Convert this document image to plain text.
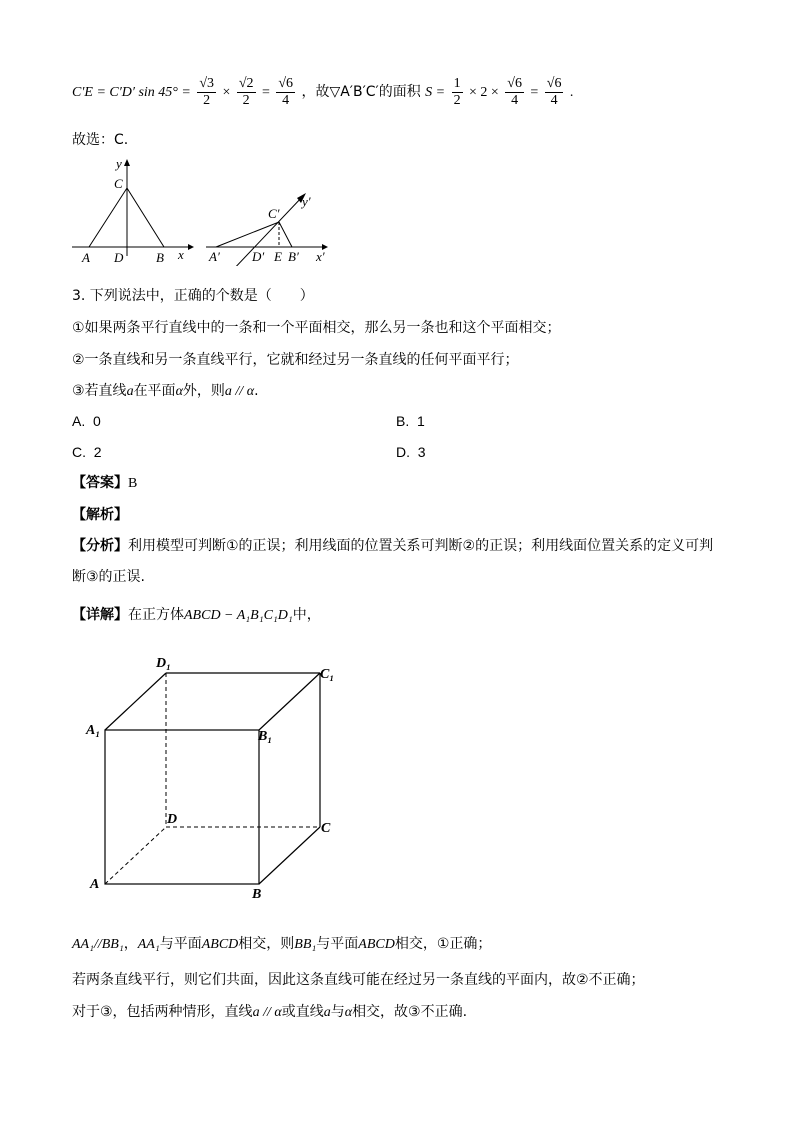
C′E = C′D′ $\sin 45^\circ = \frac{√3}{2} \times \frac{√2}{2} = \frac{√6}{4}$ ，故▽A′B′C′的面积 $S = \frac{1}{2} \times 2 \times \frac{√6}{4} = \frac{√6}{4}$ .
故选：C.
y
C
A D	B x
y′
C′
A′ D′ E B′ x′
3. 下列说法中，正确的个数是（　　）
①如果两条平行直线中的一条和一个平面相交，那么另一条也和这个平面相交；
②一条直线和另一条直线平行，它就和经过另一条直线的任何平面平行；
③若直线a在平面α外，则a // α.
A. 0	B. 1
C. 2	D. 3
【答案】B
【解析】
【分析】利用模型可判断①的正误；利用线面的位置关系可判断②的正误；利用线面位置关系的定义可判
断③的正误.
【详解】在正方体ABCD − A₁B₁C₁D₁中，
D₁
C₁
A₁	B₁
D
C
A
B
AA₁//BB₁，AA₁与平面ABCD相交，则BB₁与平面ABCD相交，①正确；
若两条直线平行，则它们共面，因此这条直线可能在经过另一条直线的平面内，故②不正确；
对于③，包括两种情形，直线a // α或直线a与α相交，故③不正确.
